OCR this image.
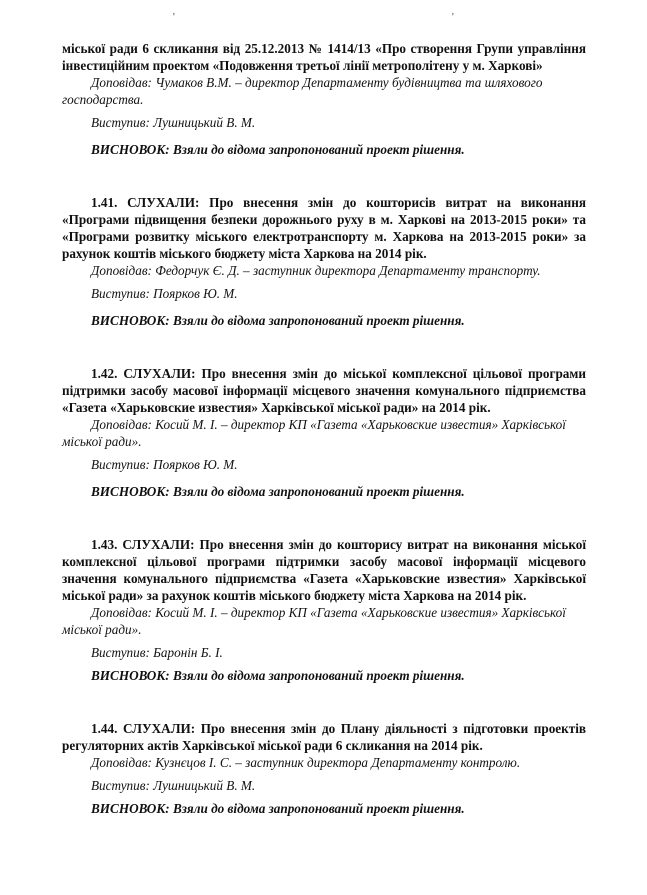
'	'

міської ради 6 скликання від 25.12.2013 № 1414/13 «Про створення Групи управління інвестиційним проектом «Подовження третьої лінії метрополітену у м. Харкові»

Доповідав: Чумаков В.М. – директор Департаменту будівництва та шляхового господарства.

Виступив: Лушницький В. М.

ВИСНОВОК: Взяли до відома запропонований проект рішення.

1.41. СЛУХАЛИ: Про внесення змін до кошторисів витрат на виконання «Програми підвищення безпеки дорожнього руху в м. Харкові на 2013-2015 роки» та «Програми розвитку міського електротранспорту м. Харкова на 2013-2015 роки» за рахунок коштів міського бюджету міста Харкова на 2014 рік.

Доповідав: Федорчук Є. Д. – заступник директора Департаменту транспорту.

Виступив: Поярков Ю. М.

ВИСНОВОК: Взяли до відома запропонований проект рішення.

1.42. СЛУХАЛИ: Про внесення змін до міської комплексної цільової програми підтримки засобу масової інформації місцевого значення комунального підприємства «Газета «Харьковские известия» Харківської міської ради» на 2014 рік.

Доповідав: Косий М. І. – директор КП «Газета «Харьковские известия» Харківської міської ради».

Виступив: Поярков Ю. М.

ВИСНОВОК: Взяли до відома запропонований проект рішення.

1.43. СЛУХАЛИ: Про внесення змін до кошторису витрат на виконання міської комплексної цільової програми підтримки засобу масової інформації місцевого значення комунального підприємства «Газета «Харьковские известия» Харківської міської ради» за рахунок коштів міського бюджету міста Харкова на 2014 рік.

Доповідав: Косий М. І. – директор КП «Газета «Харьковские известия» Харківської міської ради».

Виступив: Баронін Б. І.

ВИСНОВОК: Взяли до відома запропонований проект рішення.

1.44. СЛУХАЛИ: Про внесення змін до Плану діяльності з підготовки проектів регуляторних актів Харківської міської ради 6 скликання на 2014 рік.

Доповідав: Кузнєцов І. С. – заступник директора Департаменту контролю.

Виступив: Лушницький В. М.

ВИСНОВОК: Взяли до відома запропонований проект рішення.
